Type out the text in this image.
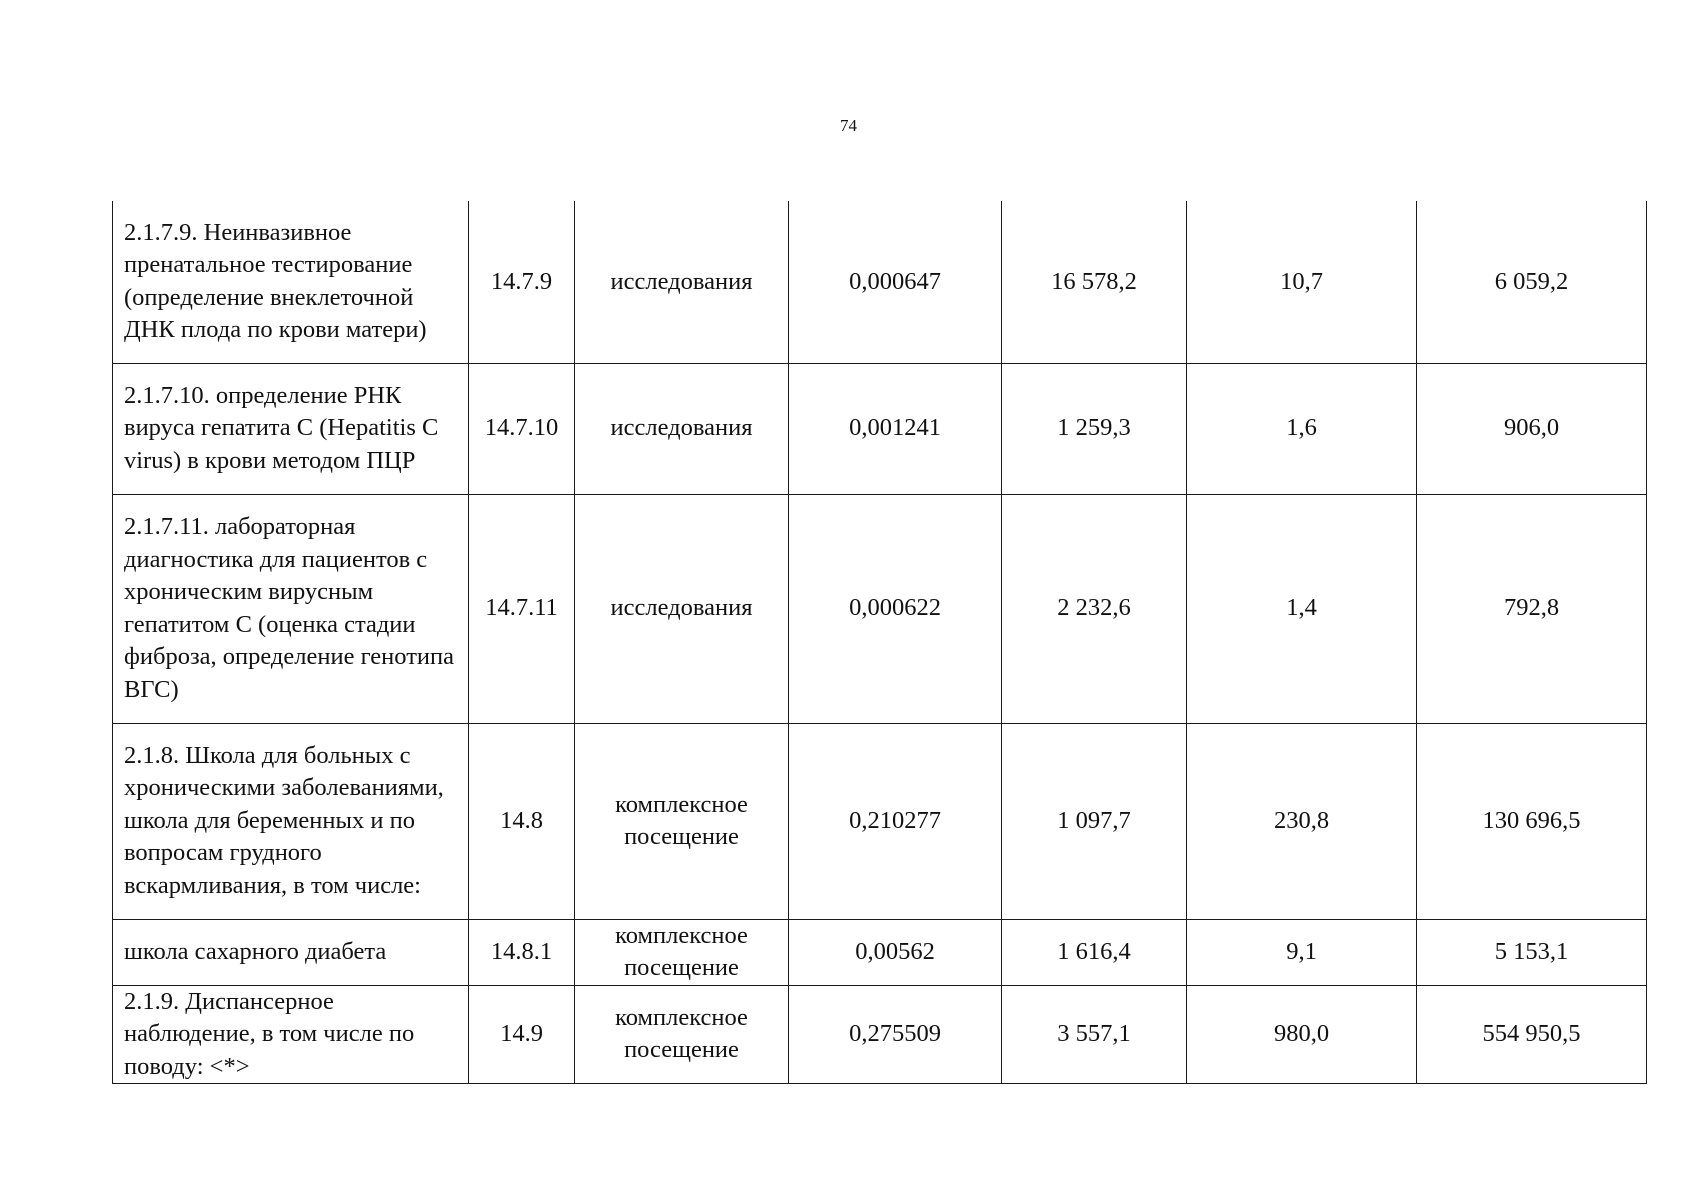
74
2.1.7.9. Неинвазивное пренатальное тестирование (определение внеклеточной ДНК плода по крови матери)	14.7.9	исследования	0,000647	16 578,2	10,7	6 059,2
2.1.7.10. определение РНК вируса гепатита С (Hepatitis C virus) в крови методом ПЦР	14.7.10	исследования	0,001241	1 259,3	1,6	906,0
2.1.7.11. лабораторная диагностика для пациентов с хроническим вирусным гепатитом С (оценка стадии фиброза, определение генотипа ВГС)	14.7.11	исследования	0,000622	2 232,6	1,4	792,8
2.1.8. Школа для больных с хроническими заболеваниями, школа для беременных и по вопросам грудного вскармливания, в том числе:	14.8	комплексное посещение	0,210277	1 097,7	230,8	130 696,5
школа сахарного диабета	14.8.1	комплексное посещение	0,00562	1 616,4	9,1	5 153,1
2.1.9. Диспансерное наблюдение, в том числе по поводу: <*>	14.9	комплексное посещение	0,275509	3 557,1	980,0	554 950,5
